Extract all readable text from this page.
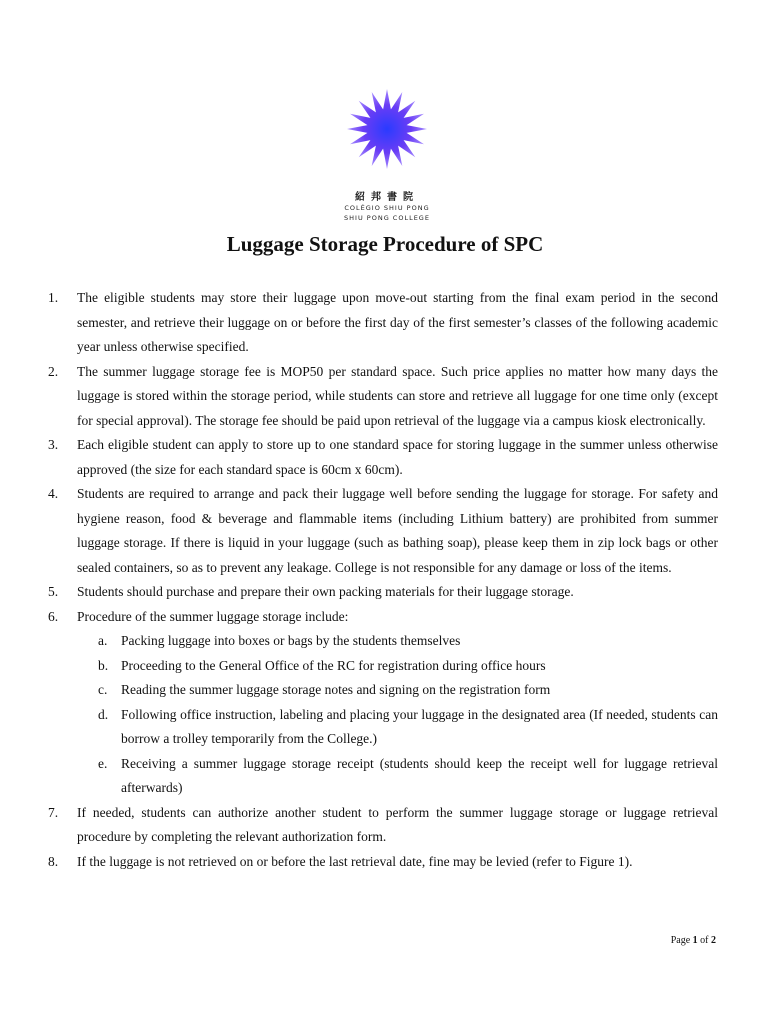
紹邦書院
COLÉGIO SHIU PONG
SHIU PONG COLLEGE
Luggage Storage Procedure of SPC
1.	The eligible students may store their luggage upon move-out starting from the final exam period in the second semester, and retrieve their luggage on or before the first day of the first semester’s classes of the following academic year unless otherwise specified.
2.	The summer luggage storage fee is MOP50 per standard space. Such price applies no matter how many days the luggage is stored within the storage period, while students can store and retrieve all luggage for one time only (except for special approval). The storage fee should be paid upon retrieval of the luggage via a campus kiosk electronically.
3.	Each eligible student can apply to store up to one standard space for storing luggage in the summer unless otherwise approved (the size for each standard space is 60cm x 60cm).
4.	Students are required to arrange and pack their luggage well before sending the luggage for storage. For safety and hygiene reason, food & beverage and flammable items (including Lithium battery) are prohibited from summer luggage storage. If there is liquid in your luggage (such as bathing soap), please keep them in zip lock bags or other sealed containers, so as to prevent any leakage. College is not responsible for any damage or loss of the items.
5.	Students should purchase and prepare their own packing materials for their luggage storage.
6.	Procedure of the summer luggage storage include:
a.	Packing luggage into boxes or bags by the students themselves
b. Proceeding to the General Office of the RC for registration during office hours
c.	Reading the summer luggage storage notes and signing on the registration form
d. Following office instruction, labeling and placing your luggage in the designated area (If needed, students can borrow a trolley temporarily from the College.)
e.	Receiving a summer luggage storage receipt (students should keep the receipt well for luggage retrieval afterwards)
7.	If needed, students can authorize another student to perform the summer luggage storage or luggage retrieval procedure by completing the relevant authorization form.
8.	If the luggage is not retrieved on or before the last retrieval date, fine may be levied (refer to Figure 1).
Page 1 of 2
